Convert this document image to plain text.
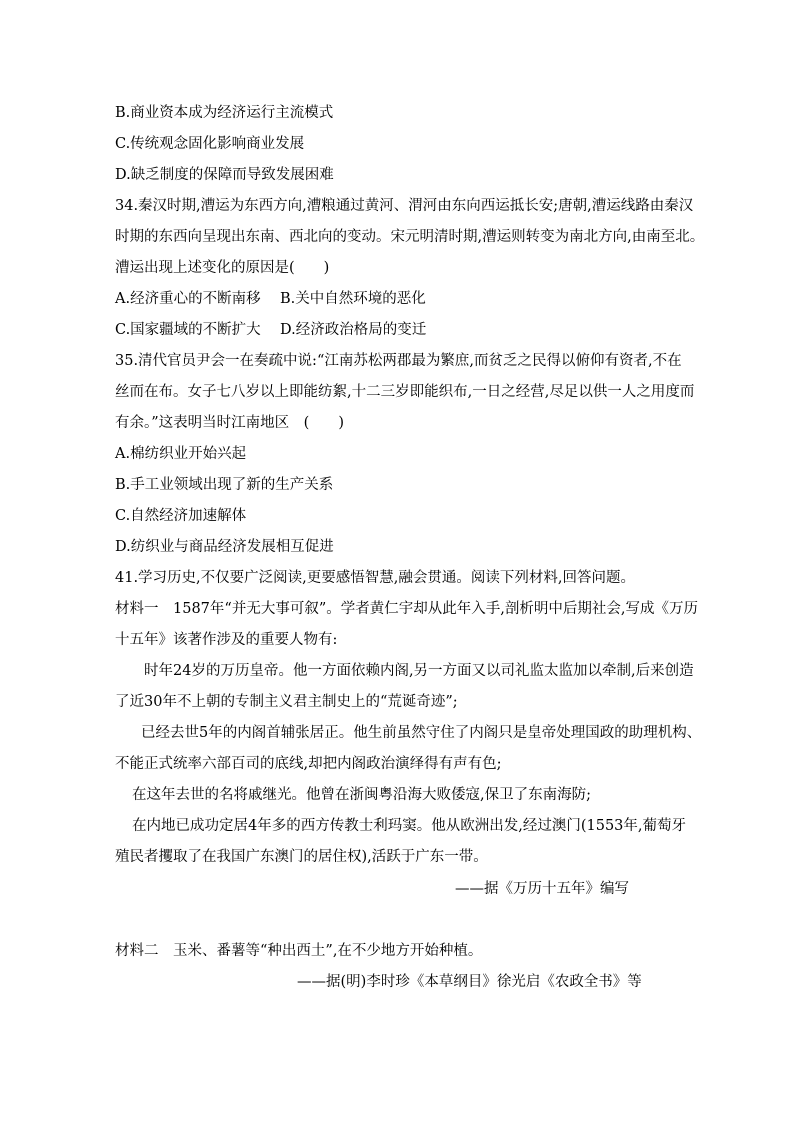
B.商业资本成为经济运行主流模式
C.传统观念固化影响商业发展
D.缺乏制度的保障而导致发展困难
34.秦汉时期,漕运为东西方向,漕粮通过黄河、渭河由东向西运抵长安;唐朝,漕运线路由秦汉
时期的东西向呈现出东南、西北向的变动。宋元明清时期,漕运则转变为南北方向,由南至北。
漕运出现上述变化的原因是(　　)
A.经济重心的不断南移 B.关中自然环境的恶化
C.国家疆域的不断扩大 D.经济政治格局的变迁
35.清代官员尹会一在奏疏中说:“江南苏松两郡最为繁庶,而贫乏之民得以俯仰有资者,不在
丝而在布。女子七八岁以上即能纺絮,十二三岁即能织布,一日之经营,尽足以供一人之用度而
有余。”这表明当时江南地区　(　　)
A.棉纺织业开始兴起
B.手工业领域出现了新的生产关系
C.自然经济加速解体
D.纺织业与商品经济发展相互促进
41.学习历史,不仅要广泛阅读,更要感悟智慧,融会贯通。阅读下列材料,回答问题。
材料一　1587年“并无大事可叙”。学者黄仁宇却从此年入手,剖析明中后期社会,写成《万历
十五年》该著作涉及的重要人物有:
时年24岁的万历皇帝。他一方面依赖内阁,另一方面又以司礼监太监加以牵制,后来创造
了近30年不上朝的专制主义君主制史上的“荒诞奇迹”;
已经去世5年的内阁首辅张居正。他生前虽然守住了内阁只是皇帝处理国政的助理机构、
不能正式统率六部百司的底线,却把内阁政治演绎得有声有色;
在这年去世的名将戚继光。他曾在浙闽粤沿海大败倭寇,保卫了东南海防;
在内地已成功定居4年多的西方传教士利玛窦。他从欧洲出发,经过澳门(1553年,葡萄牙
殖民者攫取了在我国广东澳门的居住权),活跃于广东一带。
——据《万历十五年》编写
材料二　玉米、番薯等“种出西土”,在不少地方开始种植。
——据(明)李时珍《本草纲目》徐光启《农政全书》等
